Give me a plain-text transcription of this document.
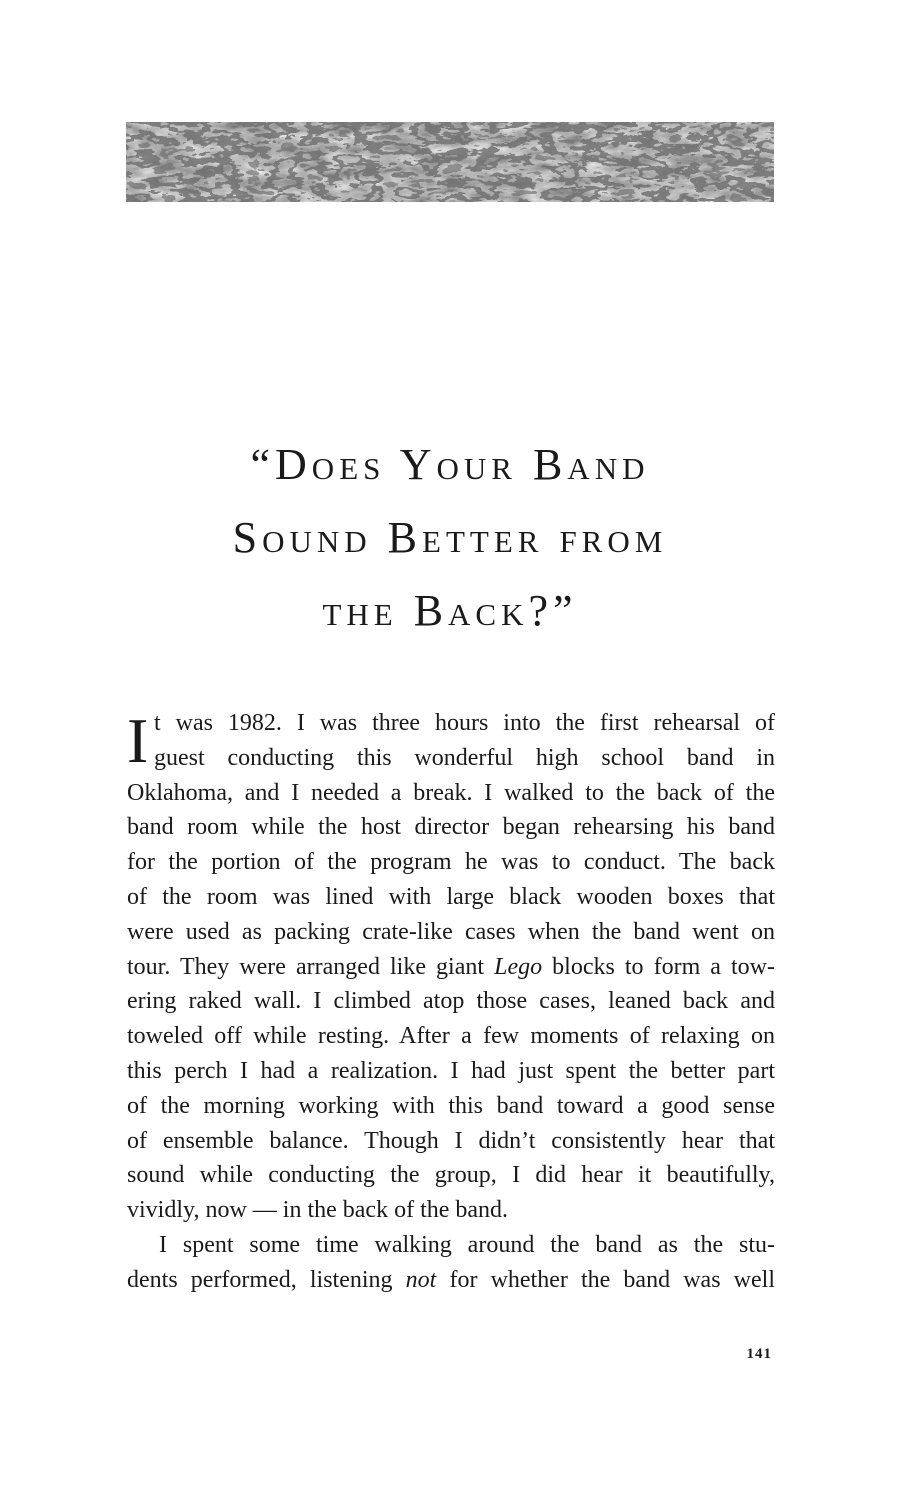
“Does Your Band
Sound Better from
the Back?”
I t was 1982. I was three hours into the first rehearsal of
guest conducting this wonderful high school band in
Oklahoma, and I needed a break. I walked to the back of the
band room while the host director began rehearsing his band
for the portion of the program he was to conduct. The back
of the room was lined with large black wooden boxes that
were used as packing crate-like cases when the band went on
tour. They were arranged like giant Lego blocks to form a tow-
ering raked wall. I climbed atop those cases, leaned back and
toweled off while resting. After a few moments of relaxing on
this perch I had a realization. I had just spent the better part
of the morning working with this band toward a good sense
of ensemble balance. Though I didn’t consistently hear that
sound while conducting the group, I did hear it beautifully,
vividly, now — in the back of the band.
I spent some time walking around the band as the stu-
dents performed, listening not for whether the band was well
141
